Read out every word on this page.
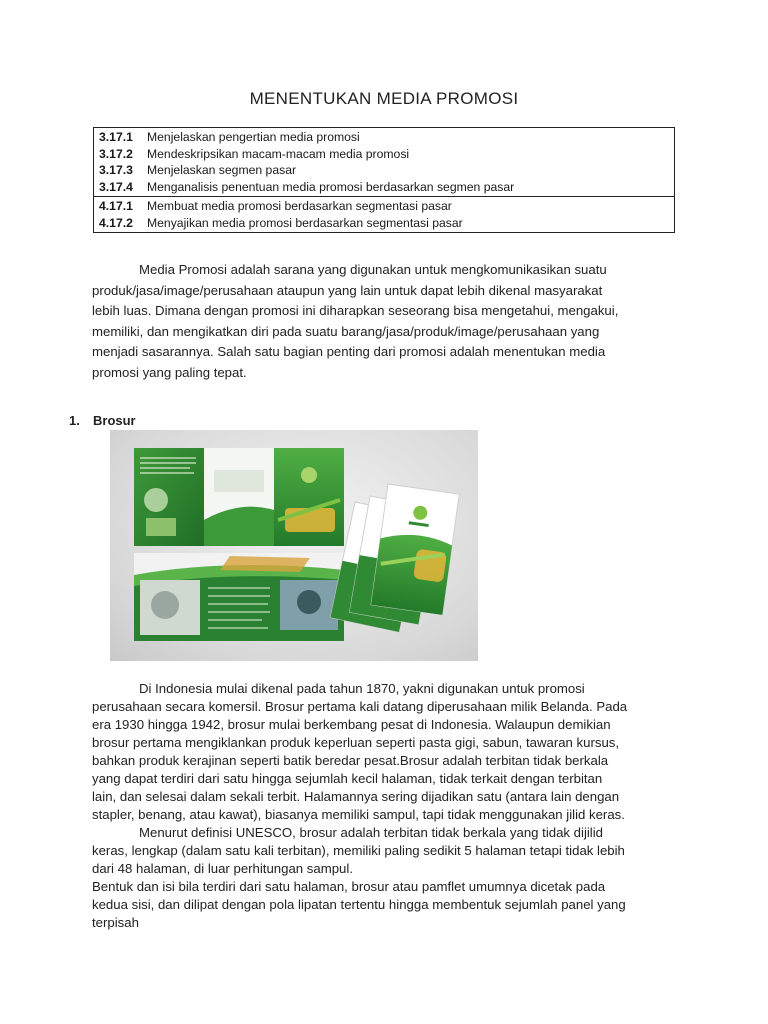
MENENTUKAN MEDIA PROMOSI
3.17.1 Menjelaskan pengertian media promosi
3.17.2 Mendeskripsikan macam-macam media promosi
3.17.3 Menjelaskan segmen pasar
3.17.4 Menganalisis penentuan media promosi berdasarkan segmen pasar
4.17.1 Membuat media promosi berdasarkan segmentasi pasar
4.17.2 Menyajikan media promosi berdasarkan segmentasi pasar
Media Promosi adalah sarana yang digunakan untuk mengkomunikasikan suatu
produk/jasa/image/perusahaan ataupun yang lain untuk dapat lebih dikenal masyarakat
lebih luas. Dimana dengan promosi ini diharapkan seseorang bisa mengetahui, mengakui,
memiliki, dan mengikatkan diri pada suatu barang/jasa/produk/image/perusahaan yang
menjadi sasarannya. Salah satu bagian penting dari promosi adalah menentukan media
promosi yang paling tepat.
1. Brosur
Di Indonesia mulai dikenal pada tahun 1870, yakni digunakan untuk promosi
perusahaan secara komersil. Brosur pertama kali datang diperusahaan milik Belanda. Pada
era 1930 hingga 1942, brosur mulai berkembang pesat di Indonesia. Walaupun demikian
brosur pertama mengiklankan produk keperluan seperti pasta gigi, sabun, tawaran kursus,
bahkan produk kerajinan seperti batik beredar pesat.Brosur adalah terbitan tidak berkala
yang dapat terdiri dari satu hingga sejumlah kecil halaman, tidak terkait dengan terbitan
lain, dan selesai dalam sekali terbit. Halamannya sering dijadikan satu (antara lain dengan
stapler, benang, atau kawat), biasanya memiliki sampul, tapi tidak menggunakan jilid keras.
Menurut definisi UNESCO, brosur adalah terbitan tidak berkala yang tidak dijilid
keras, lengkap (dalam satu kali terbitan), memiliki paling sedikit 5 halaman tetapi tidak lebih
dari 48 halaman, di luar perhitungan sampul.
Bentuk dan isi bila terdiri dari satu halaman, brosur atau pamflet umumnya dicetak pada
kedua sisi, dan dilipat dengan pola lipatan tertentu hingga membentuk sejumlah panel yang
terpisah
